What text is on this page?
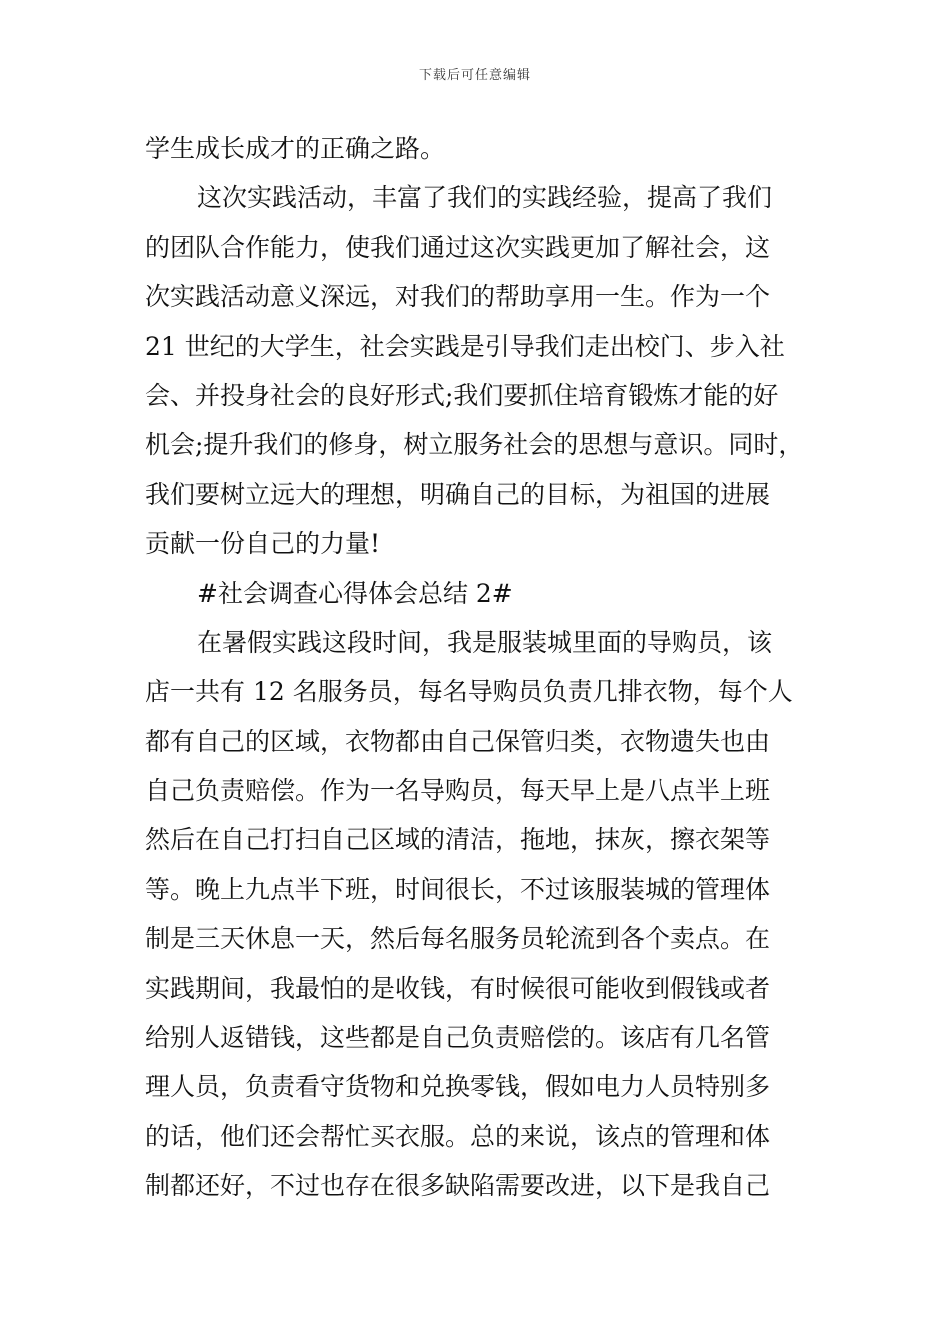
下载后可任意编辑
学生成长成才的正确之路。
这次实践活动，丰富了我们的实践经验，提高了我们
的团队合作能力，使我们通过这次实践更加了解社会，这
次实践活动意义深远，对我们的帮助享用一生。作为一个
21 世纪的大学生，社会实践是引导我们走出校门、步入社
会、并投身社会的良好形式;我们要抓住培育锻炼才能的好
机会;提升我们的修身，树立服务社会的思想与意识。同时，
我们要树立远大的理想，明确自己的目标，为祖国的进展
贡献一份自己的力量!
#社会调查心得体会总结 2#
在暑假实践这段时间，我是服装城里面的导购员，该
店一共有 12 名服务员，每名导购员负责几排衣物，每个人
都有自己的区域，衣物都由自己保管归类，衣物遗失也由
自己负责赔偿。作为一名导购员，每天早上是八点半上班
然后在自己打扫自己区域的清洁，拖地，抹灰，擦衣架等
等。晚上九点半下班，时间很长，不过该服装城的管理体
制是三天休息一天，然后每名服务员轮流到各个卖点。在
实践期间，我最怕的是收钱，有时候很可能收到假钱或者
给别人返错钱，这些都是自己负责赔偿的。该店有几名管
理人员，负责看守货物和兑换零钱，假如电力人员特别多
的话，他们还会帮忙买衣服。总的来说，该点的管理和体
制都还好，不过也存在很多缺陷需要改进，以下是我自己
